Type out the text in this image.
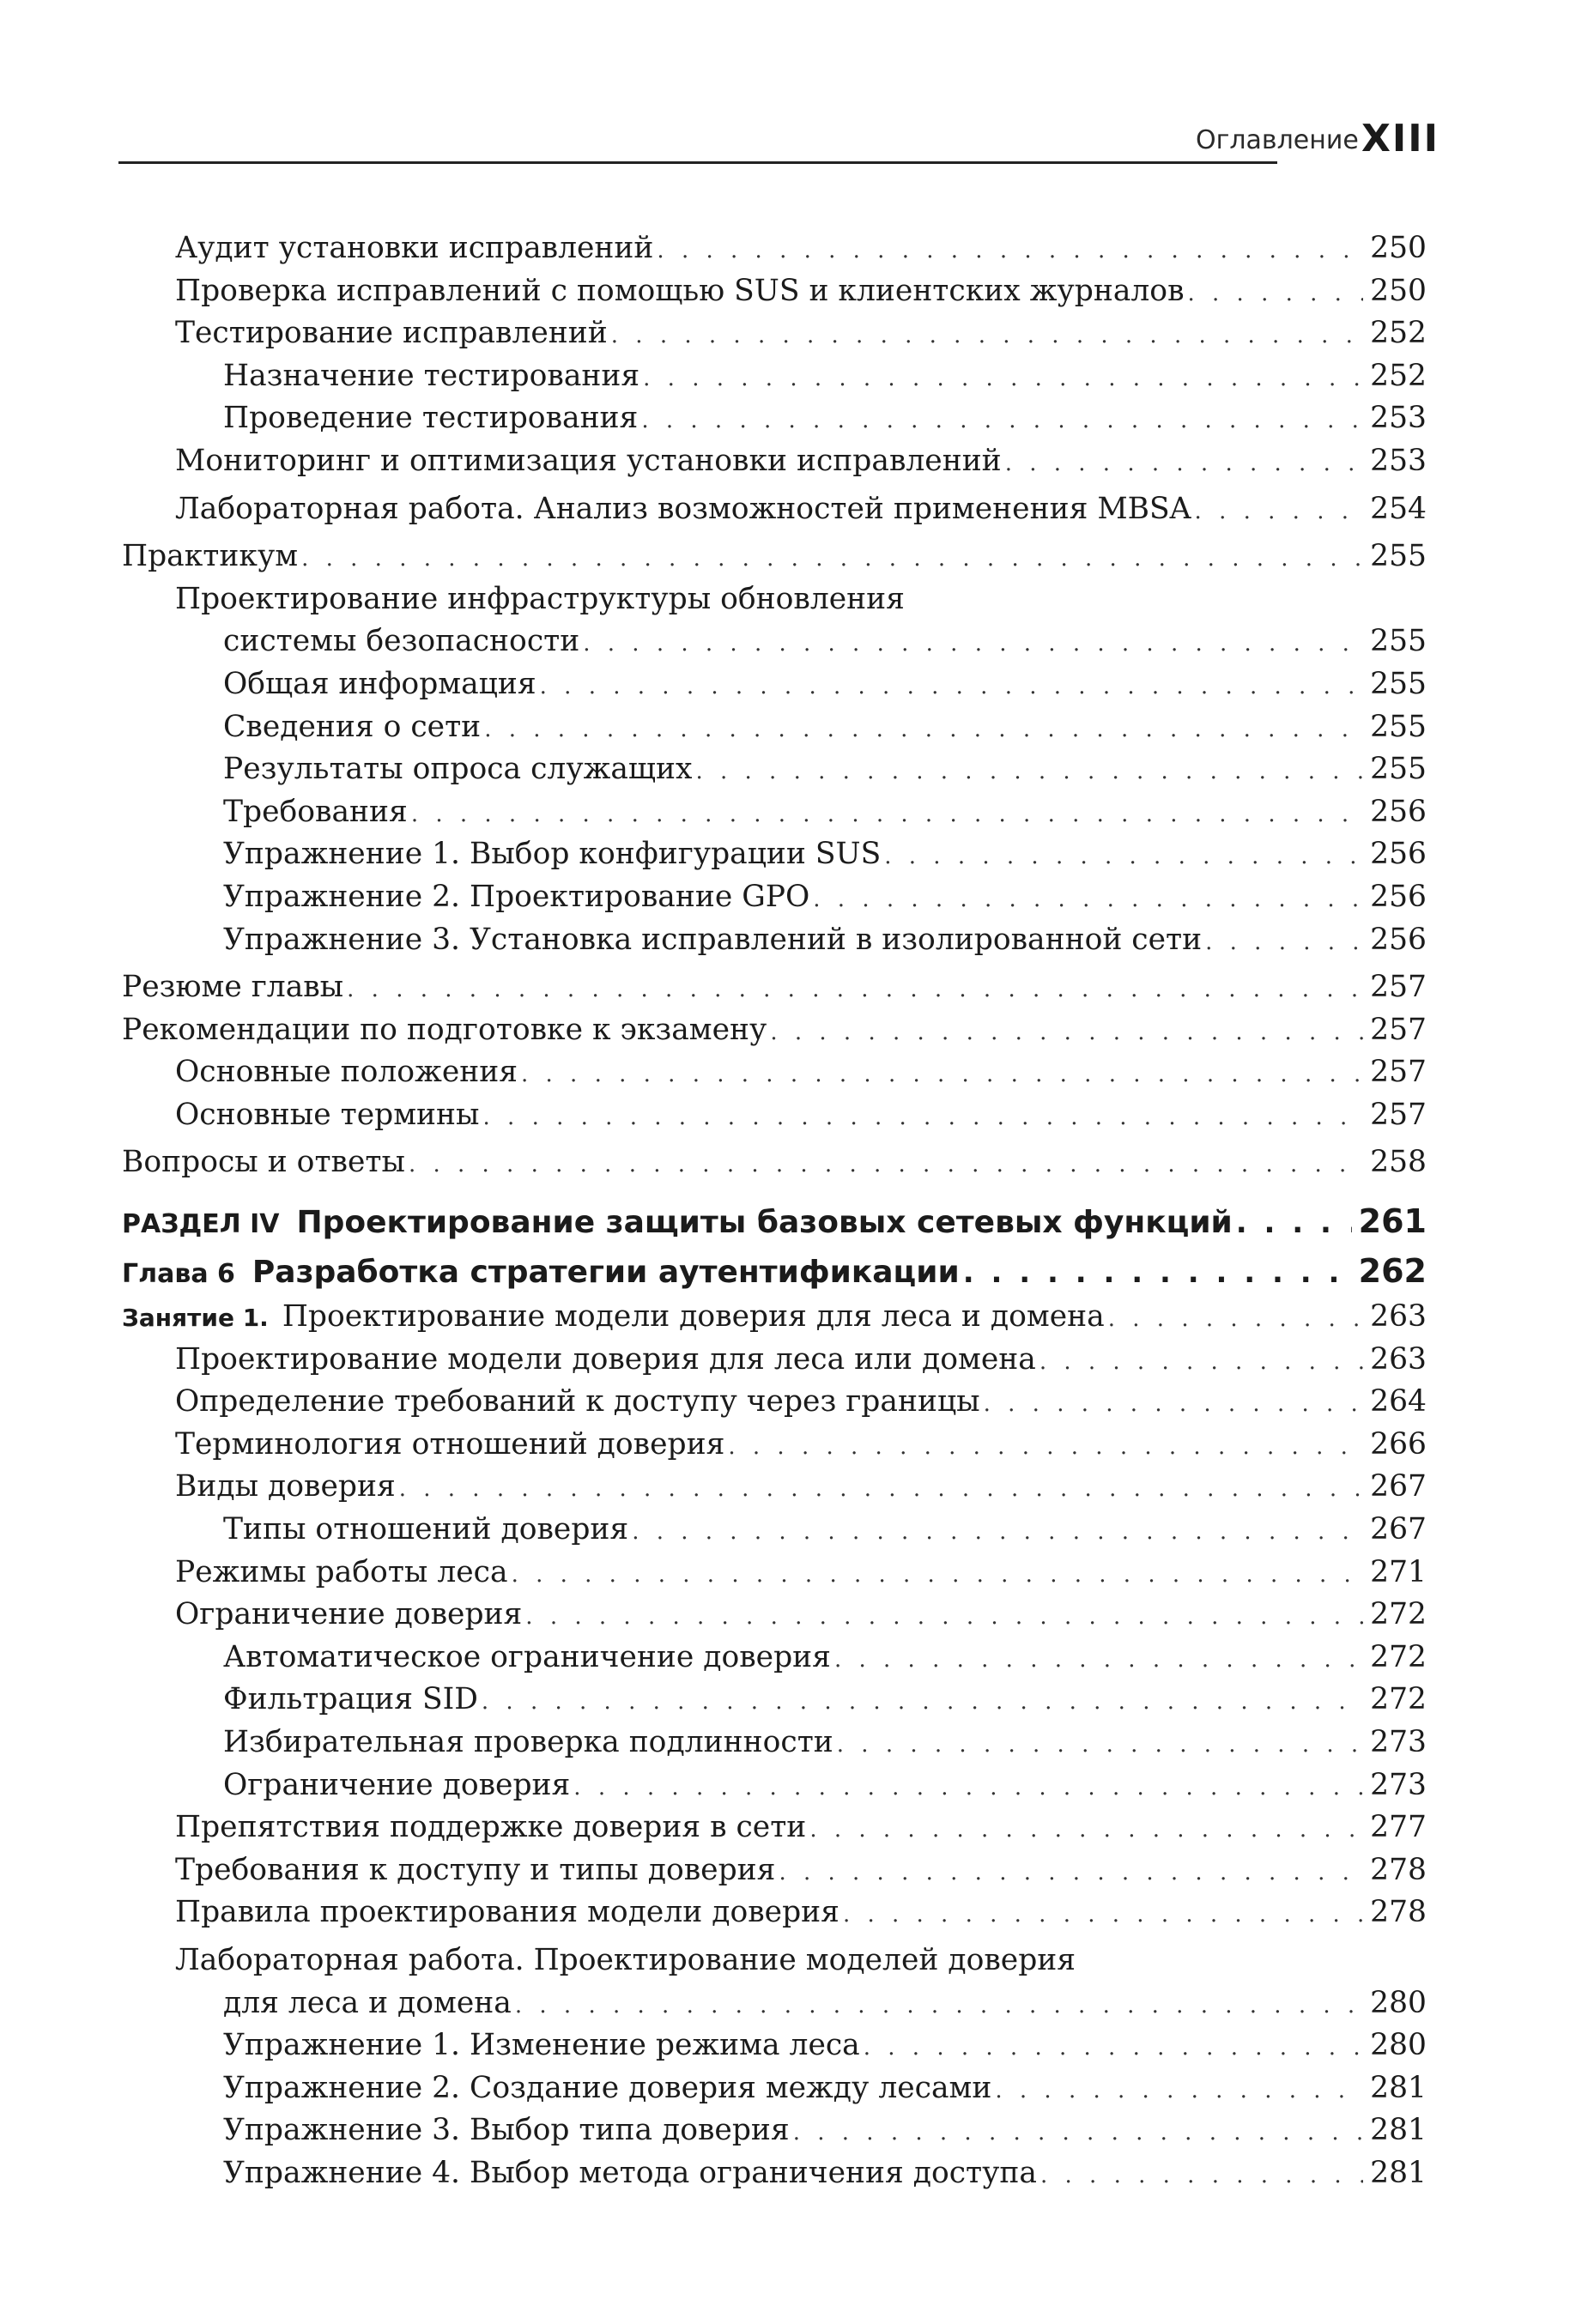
Оглавление XIII
Аудит установки исправлений . . .	250
Проверка исправлений с помощью SUS и клиентских журналов . . .	250
Тестирование исправлений . . .	252
Назначение тестирования . . .	252
Проведение тестирования . . .	253
Мониторинг и оптимизация установки исправлений . . .	253
Лабораторная работа. Анализ возможностей применения MBSA . . .	254
Практикум . . .	255
Проектирование инфраструктуры обновления
системы безопасности . . .	255
Общая информация . . .	255
Сведения о сети . . .	255
Результаты опроса служащих . . .	255
Требования . . .	256
Упражнение 1. Выбор конфигурации SUS . . .	256
Упражнение 2. Проектирование GPO . . .	256
Упражнение 3. Установка исправлений в изолированной сети . . .	256
Резюме главы . . .	257
Рекомендации по подготовке к экзамену . . .	257
Основные положения . . .	257
Основные термины . . .	257
Вопросы и ответы . . .	258
РАЗДЕЛ IV Проектирование защиты базовых сетевых функций . . .	261
Глава 6 Разработка стратегии аутентификации . . .	262
Занятие 1. Проектирование модели доверия для леса и домена . . .	263
Проектирование модели доверия для леса или домена . . .	263
Определение требований к доступу через границы . . .	264
Терминология отношений доверия . . .	266
Виды доверия . . .	267
Типы отношений доверия . . .	267
Режимы работы леса . . .	271
Ограничение доверия . . .	272
Автоматическое ограничение доверия . . .	272
Фильтрация SID . . .	272
Избирательная проверка подлинности . . .	273
Ограничение доверия . . .	273
Препятствия поддержке доверия в сети . . .	277
Требования к доступу и типы доверия . . .	278
Правила проектирования модели доверия . . .	278
Лабораторная работа. Проектирование моделей доверия
для леса и домена . . .	280
Упражнение 1. Изменение режима леса . . .	280
Упражнение 2. Создание доверия между лесами . . .	281
Упражнение 3. Выбор типа доверия . . .	281
Упражнение 4. Выбор метода ограничения доступа . . .	281
